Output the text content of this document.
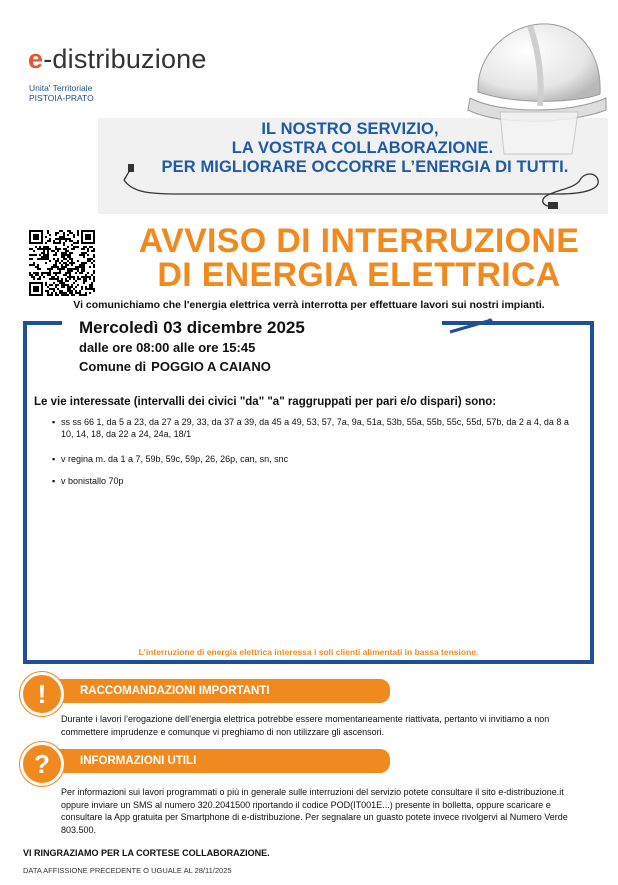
e-distribuzione
Unita' Territoriale
PISTOIA-PRATO
IL NOSTRO SERVIZIO,
LA VOSTRA COLLABORAZIONE.
PER MIGLIORARE OCCORRE L’ENERGIA DI TUTTI.
AVVISO DI INTERRUZIONE
DI ENERGIA ELETTRICA
Vi comunichiamo che l'energia elettrica verrà interrotta per effettuare lavori sui nostri impianti.
Mercoledì 03 dicembre 2025
dalle ore 08:00 alle ore 15:45
Comune di POGGIO A CAIANO
Le vie interessate (intervalli dei civici "da" "a" raggruppati per pari e/o dispari) sono:
▪ ss ss 66 1, da 5 a 23, da 27 a 29, 33, da 37 a 39, da 45 a 49, 53, 57, 7a, 9a, 51a, 53b, 55a, 55b, 55c, 55d, 57b, da 2 a 4, da 8 a 10, 14, 18, da 22 a 24, 24a, 18/1
▪ v regina m. da 1 a 7, 59b, 59c, 59p, 26, 26p, can, sn, snc
▪ v bonistallo 70p
L'interruzione di energia elettrica interessa i soli clienti alimentati in bassa tensione.
RACCOMANDAZIONI IMPORTANTI
!
Durante i lavori l’erogazione dell’energia elettrica potrebbe essere momentaneamente riattivata, pertanto vi invitiamo a non commettere imprudenze e comunque vi preghiamo di non utilizzare gli ascensori.
INFORMAZIONI UTILI
?
Per informazioni sui lavori programmati o più in generale sulle interruzioni del servizio potete consultare il sito e-distribuzione.it oppure inviare un SMS al numero 320.2041500 riportando il codice POD(IT001E...) presente in bolletta, oppure scaricare e consultare la App gratuita per Smartphone di e-distribuzione. Per segnalare un guasto potete invece rivolgervi al Numero Verde 803.500.
VI RINGRAZIAMO PER LA CORTESE COLLABORAZIONE.
DATA AFFISSIONE PRECEDENTE O UGUALE AL 28/11/2025
